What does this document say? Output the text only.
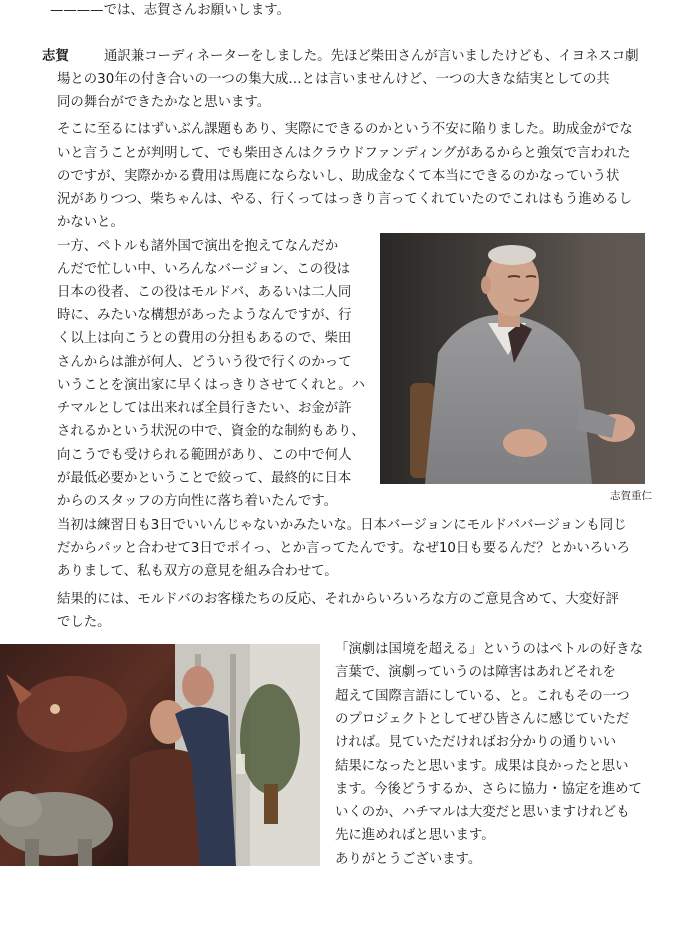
————では、志賀さんお願いします。
志賀	通訳兼コーディネーターをしました。先ほど柴田さんが言いましたけども、イヨネスコ劇
場との30年の付き合いの一つの集大成…とは言いませんけど、一つの大きな結実としての共
同の舞台ができたかなと思います。
そこに至るにはずいぶん課題もあり、実際にできるのかという不安に陥りました。助成金がでな
いと言うことが判明して、でも柴田さんはクラウドファンディングがあるからと強気で言われた
のですが、実際かかる費用は馬鹿にならないし、助成金なくて本当にできるのかなっていう状
況がありつつ、柴ちゃんは、やる、行くってはっきり言ってくれていたのでこれはもう進めるし
かないと。
一方、ペトルも諸外国で演出を抱えてなんだか
んだで忙しい中、いろんなバージョン、この役は
日本の役者、この役はモルドバ、あるいは二人同
時に、みたいな構想があったようなんですが、行
く以上は向こうとの費用の分担もあるので、柴田
さんからは誰が何人、どういう役で行くのかって
いうことを演出家に早くはっきりさせてくれと。ハ
チマルとしては出来れば全員行きたい、お金が許
されるかという状況の中で、資金的な制約もあり、
向こうでも受けられる範囲があり、この中で何人
が最低必要かということで絞って、最終的に日本
からのスタッフの方向性に落ち着いたんです。	志賀重仁
当初は練習日も3日でいいんじゃないかみたいな。日本バージョンにモルドババージョンも同じ
だからパッと合わせて3日でポイっ、とか言ってたんです。なぜ10日も要るんだ？とかいろいろ
ありまして、私も双方の意見を組み合わせて。
結果的には、モルドバのお客様たちの反応、それからいろいろな方のご意見含めて、大変好評
でした。
「演劇は国境を超える」というのはペトルの好きな
言葉で、演劇っていうのは障害はあれどそれを
超えて国際言語にしている、と。これもその一つ
のプロジェクトとしてぜひ皆さんに感じていただ
ければ。見ていただければお分かりの通りいい
結果になったと思います。成果は良かったと思い
ます。今後どうするか、さらに協力・協定を進めて
いくのか、ハチマルは大変だと思いますけれども
先に進めればと思います。
ありがとうございます。
